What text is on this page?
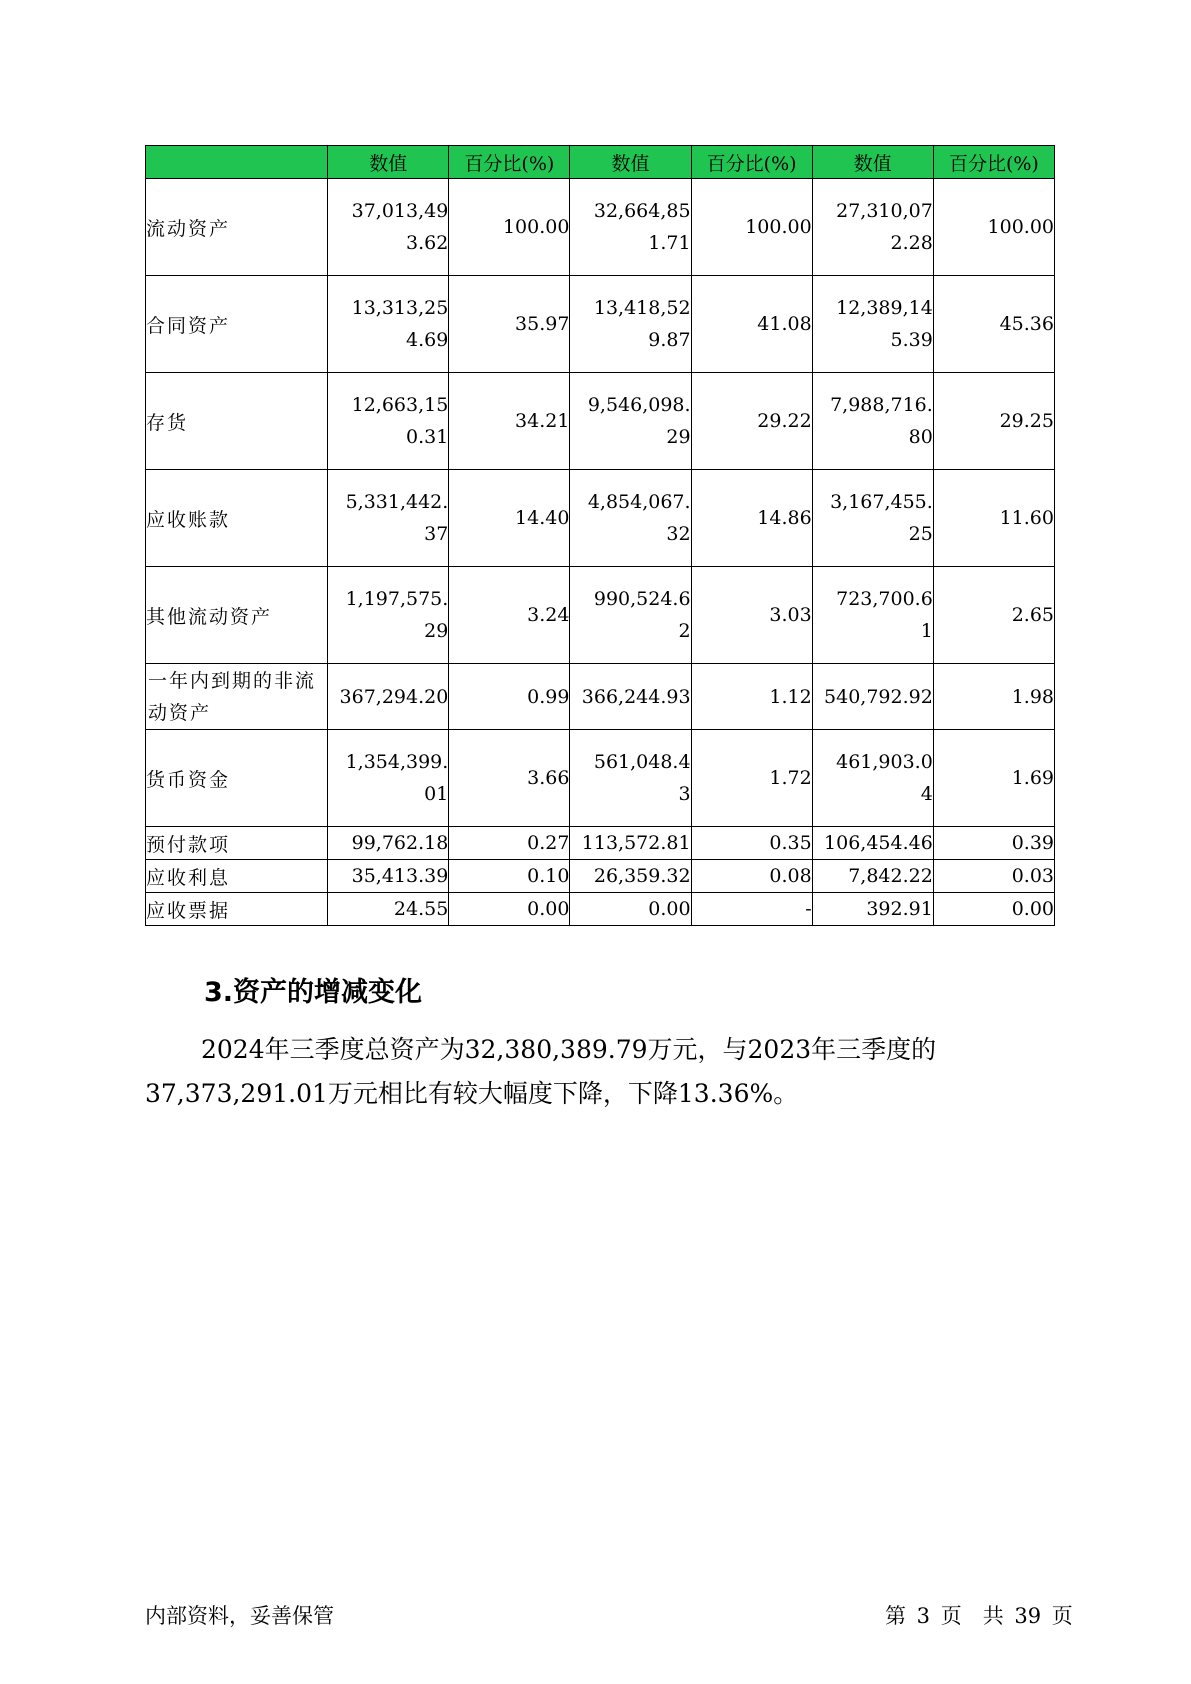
	数值	百分比(%)	数值	百分比(%)	数值	百分比(%)
流动资产	37,013,493.62	100.00	32,664,851.71	100.00	27,310,072.28	100.00
合同资产	13,313,254.69	35.97	13,418,529.87	41.08	12,389,145.39	45.36
存货	12,663,150.31	34.21	9,546,098.29	29.22	7,988,716.80	29.25
应收账款	5,331,442.37	14.40	4,854,067.32	14.86	3,167,455.25	11.60
其他流动资产	1,197,575.29	3.24	990,524.62	3.03	723,700.61	2.65
一年内到期的非流动资产	367,294.20	0.99	366,244.93	1.12	540,792.92	1.98
货币资金	1,354,399.01	3.66	561,048.43	1.72	461,903.04	1.69
预付款项	99,762.18	0.27	113,572.81	0.35	106,454.46	0.39
应收利息	35,413.39	0.10	26,359.32	0.08	7,842.22	0.03
应收票据	24.55	0.00	0.00	-	392.91	0.00
3.资产的增减变化
2024年三季度总资产为32,380,389.79万元，与2023年三季度的37,373,291.01万元相比有较大幅度下降，下降13.36%。
内部资料，妥善保管	第 3 页　共 39 页
